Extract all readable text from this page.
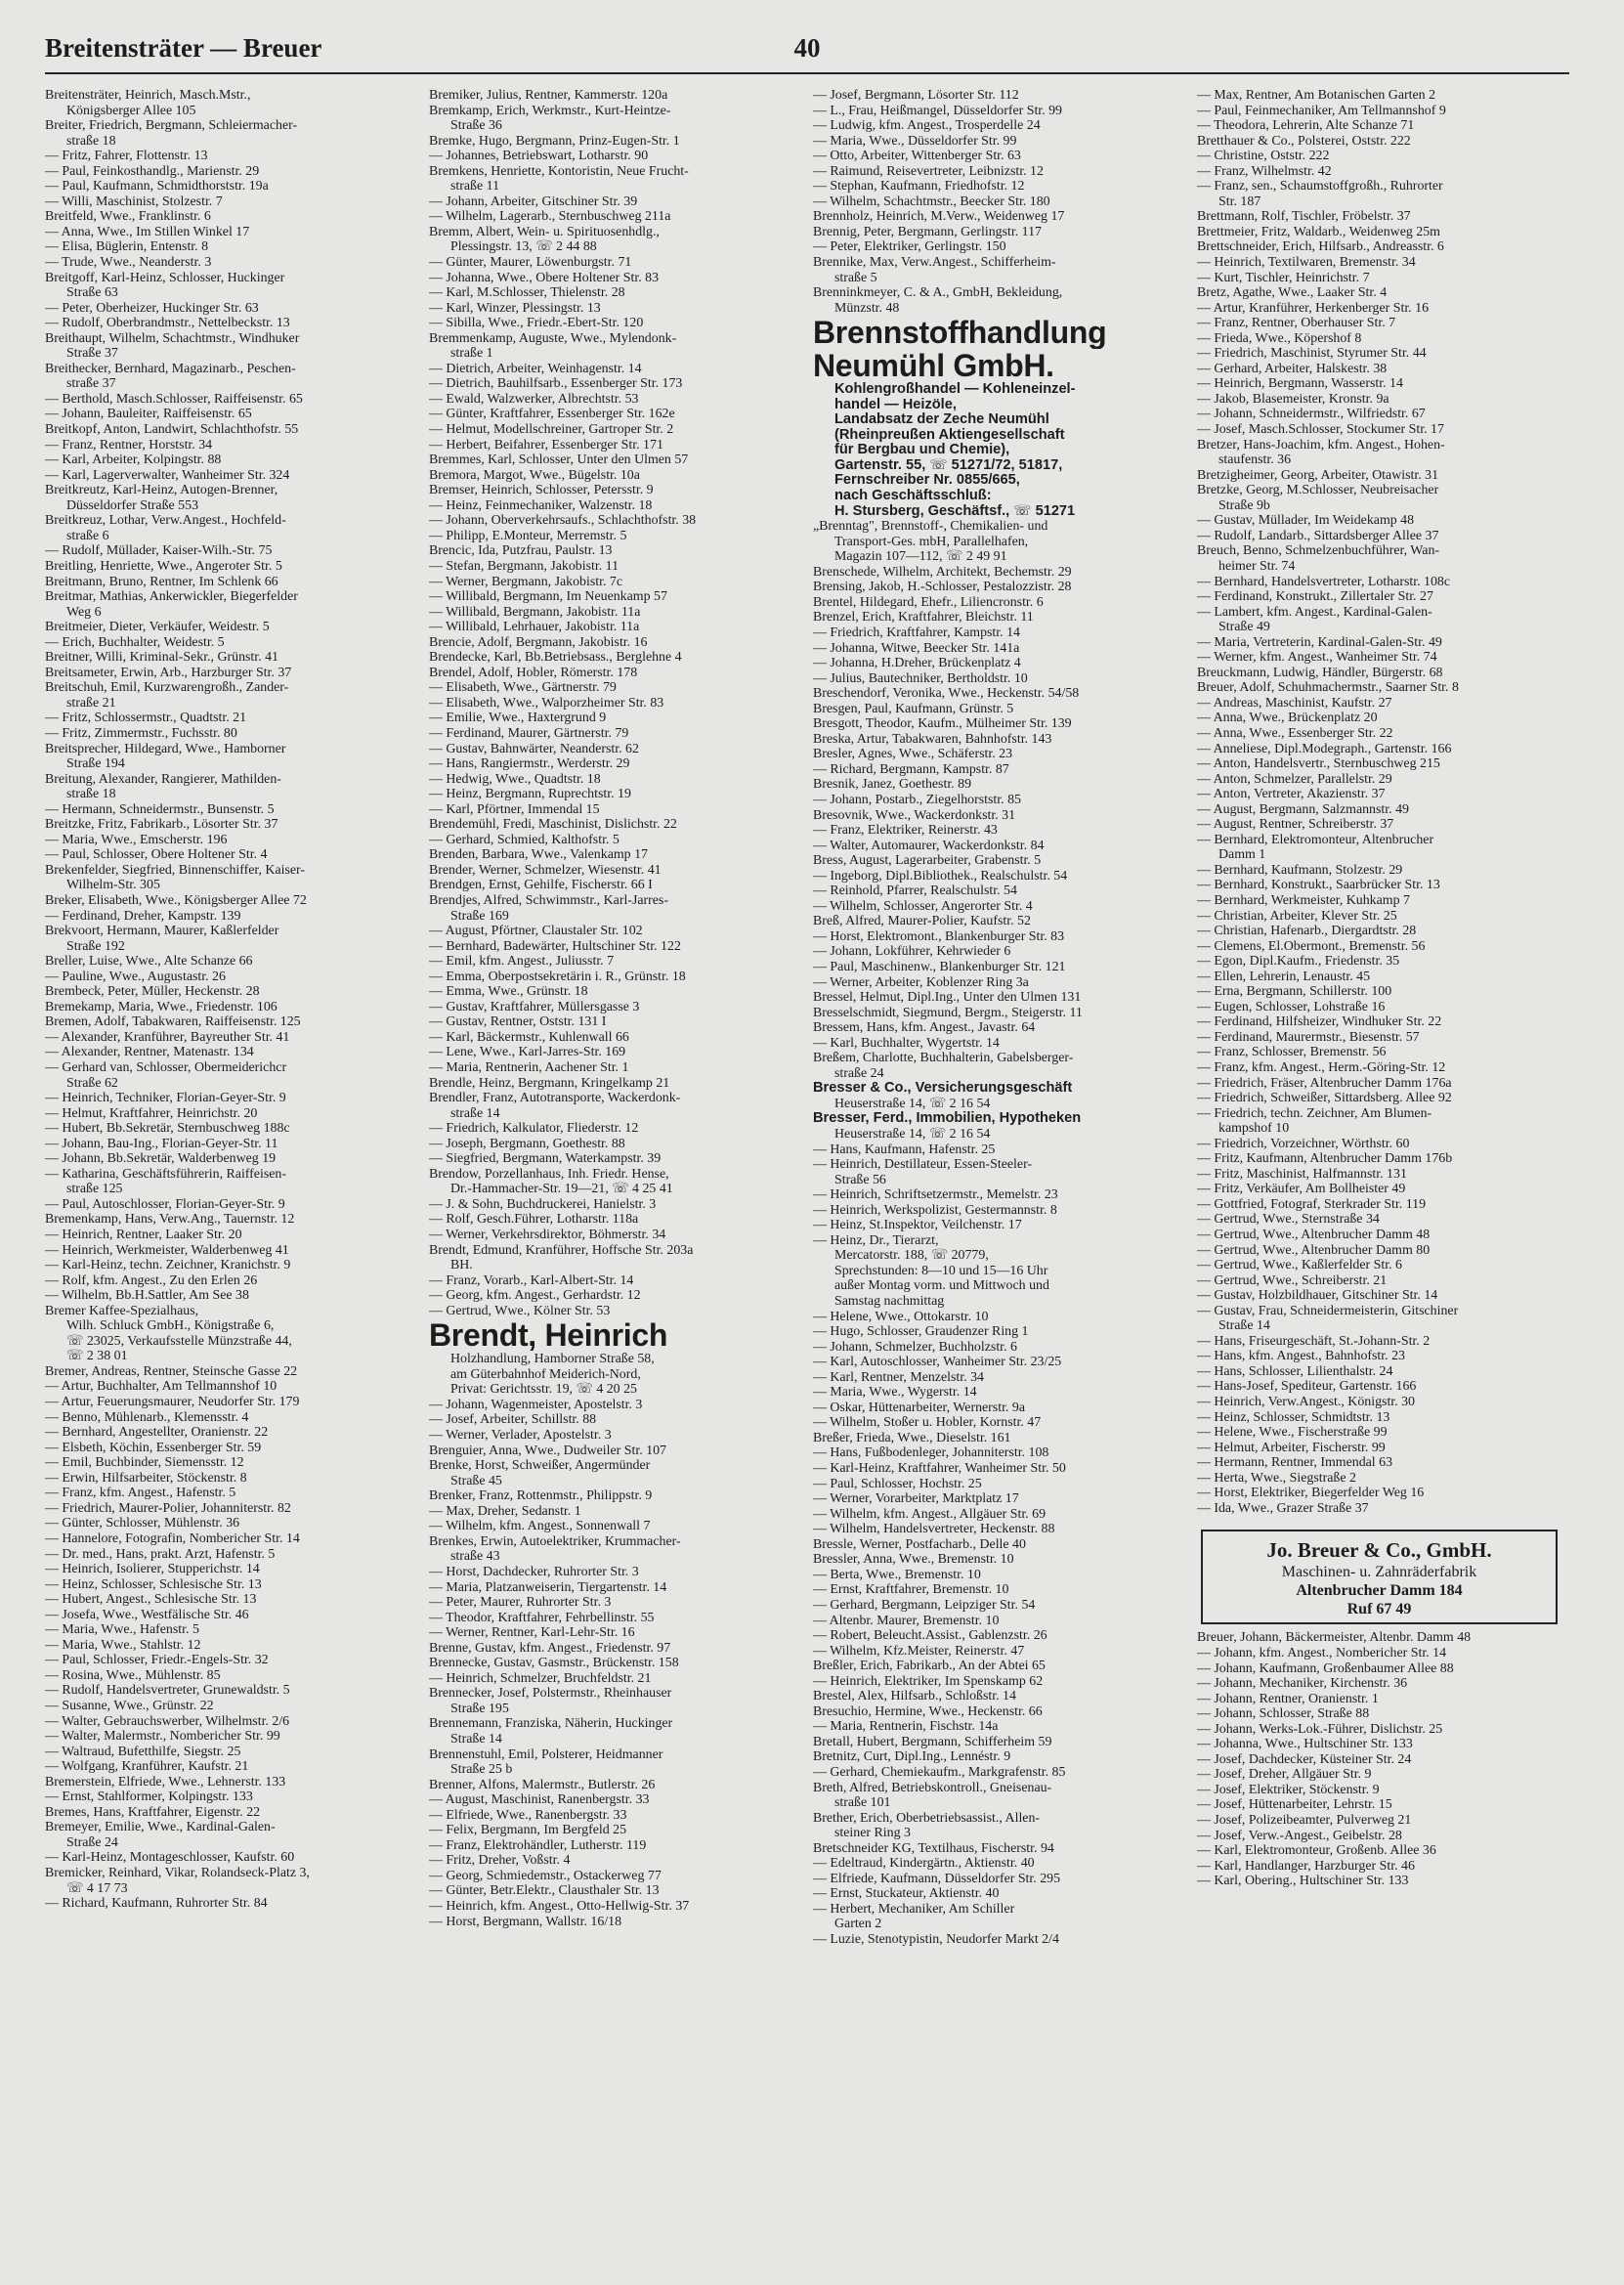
Breitensträter — Breuer	40
Breitensträter, Heinrich, Masch.Mstr.,
Königsberger Allee 105
Breiter, Friedrich, Bergmann, Schleiermacher-
straße 18
— Fritz, Fahrer, Flottenstr. 13
— Paul, Feinkosthandlg., Marienstr. 29
— Paul, Kaufmann, Schmidthorststr. 19a
— Willi, Maschinist, Stolzestr. 7
Breitfeld, Wwe., Franklinstr. 6
— Anna, Wwe., Im Stillen Winkel 17
— Elisa, Büglerin, Entenstr. 8
— Trude, Wwe., Neanderstr. 3
Breitgoff, Karl-Heinz, Schlosser, Huckinger
Straße 63
— Peter, Oberheizer, Huckinger Str. 63
— Rudolf, Oberbrandmstr., Nettelbeckstr. 13
Breithaupt, Wilhelm, Schachtmstr., Windhuker
Straße 37
Breithecker, Bernhard, Magazinarb., Peschen-
straße 37
— Berthold, Masch.Schlosser, Raiffeisenstr. 65
— Johann, Bauleiter, Raiffeisenstr. 65
Breitkopf, Anton, Landwirt, Schlachthofstr. 55
— Franz, Rentner, Horststr. 34
— Karl, Arbeiter, Kolpingstr. 88
— Karl, Lagerverwalter, Wanheimer Str. 324
Breitkreutz, Karl-Heinz, Autogen-Brenner,
Düsseldorfer Straße 553
Breitkreuz, Lothar, Verw.Angest., Hochfeld-
straße 6
— Rudolf, Müllader, Kaiser-Wilh.-Str. 75
Breitling, Henriette, Wwe., Angeroter Str. 5
Breitmann, Bruno, Rentner, Im Schlenk 66
Breitmar, Mathias, Ankerwickler, Biegerfelder
Weg 6
Breitmeier, Dieter, Verkäufer, Weidestr. 5
— Erich, Buchhalter, Weidestr. 5
Breitner, Willi, Kriminal-Sekr., Grünstr. 41
Breitsameter, Erwin, Arb., Harzburger Str. 37
Breitschuh, Emil, Kurzwarengroßh., Zander-
straße 21
— Fritz, Schlossermstr., Quadtstr. 21
— Fritz, Zimmermstr., Fuchsstr. 80
Breitsprecher, Hildegard, Wwe., Hamborner
Straße 194
Breitung, Alexander, Rangierer, Mathilden-
straße 18
— Hermann, Schneidermstr., Bunsenstr. 5
Breitzke, Fritz, Fabrikarb., Lösorter Str. 37
— Maria, Wwe., Emscherstr. 196
— Paul, Schlosser, Obere Holtener Str. 4
Brekenfelder, Siegfried, Binnenschiffer, Kaiser-
Wilhelm-Str. 305
Breker, Elisabeth, Wwe., Königsberger Allee 72
— Ferdinand, Dreher, Kampstr. 139
Brekvoort, Hermann, Maurer, Kaßlerfelder
Straße 192
Breller, Luise, Wwe., Alte Schanze 66
— Pauline, Wwe., Augustastr. 26
Brembeck, Peter, Müller, Heckenstr. 28
Bremekamp, Maria, Wwe., Friedenstr. 106
Bremen, Adolf, Tabakwaren, Raiffeisenstr. 125
— Alexander, Kranführer, Bayreuther Str. 41
— Alexander, Rentner, Matenastr. 134
— Gerhard van, Schlosser, Obermeiderichcr
Straße 62
— Heinrich, Techniker, Florian-Geyer-Str. 9
— Helmut, Kraftfahrer, Heinrichstr. 20
— Hubert, Bb.Sekretär, Sternbuschweg 188c
— Johann, Bau-Ing., Florian-Geyer-Str. 11
— Johann, Bb.Sekretär, Walderbenweg 19
— Katharina, Geschäftsführerin, Raiffeisen-
straße 125
— Paul, Autoschlosser, Florian-Geyer-Str. 9
Bremenkamp, Hans, Verw.Ang., Tauernstr. 12
— Heinrich, Rentner, Laaker Str. 20
— Heinrich, Werkmeister, Walderbenweg 41
— Karl-Heinz, techn. Zeichner, Kranichstr. 9
— Rolf, kfm. Angest., Zu den Erlen 26
— Wilhelm, Bb.H.Sattler, Am See 38
Bremer Kaffee-Spezialhaus,
Wilh. Schluck GmbH., Königstraße 6,
☏ 23025, Verkaufsstelle Münzstraße 44,
☏ 2 38 01
Bremer, Andreas, Rentner, Steinsche Gasse 22
— Artur, Buchhalter, Am Tellmannshof 10
— Artur, Feuerungsmaurer, Neudorfer Str. 179
— Benno, Mühlenarb., Klemensstr. 4
— Bernhard, Angestellter, Oranienstr. 22
— Elsbeth, Köchin, Essenberger Str. 59
— Emil, Buchbinder, Siemensstr. 12
— Erwin, Hilfsarbeiter, Stöckenstr. 8
— Franz, kfm. Angest., Hafenstr. 5
— Friedrich, Maurer-Polier, Johanniterstr. 82
— Günter, Schlosser, Mühlenstr. 36
— Hannelore, Fotografin, Nombericher Str. 14
— Dr. med., Hans, prakt. Arzt, Hafenstr. 5
— Heinrich, Isolierer, Stupperichstr. 14
— Heinz, Schlosser, Schlesische Str. 13
— Hubert, Angest., Schlesische Str. 13
— Josefa, Wwe., Westfälische Str. 46
— Maria, Wwe., Hafenstr. 5
— Maria, Wwe., Stahlstr. 12
— Paul, Schlosser, Friedr.-Engels-Str. 32
— Rosina, Wwe., Mühlenstr. 85
— Rudolf, Handelsvertreter, Grunewaldstr. 5
— Susanne, Wwe., Grünstr. 22
— Walter, Gebrauchswerber, Wilhelmstr. 2/6
— Walter, Malermstr., Nombericher Str. 99
— Waltraud, Bufetthilfe, Siegstr. 25
— Wolfgang, Kranführer, Kaufstr. 21
Bremerstein, Elfriede, Wwe., Lehnerstr. 133
— Ernst, Stahlformer, Kolpingstr. 133
Bremes, Hans, Kraftfahrer, Eigenstr. 22
Bremeyer, Emilie, Wwe., Kardinal-Galen-
Straße 24
— Karl-Heinz, Montageschlosser, Kaufstr. 60
Bremicker, Reinhard, Vikar, Rolandseck-Platz 3,
☏ 4 17 73
— Richard, Kaufmann, Ruhrorter Str. 84
Bremiker, Julius, Rentner, Kammerstr. 120a
Bremkamp, Erich, Werkmstr., Kurt-Heintze-
Straße 36
Bremke, Hugo, Bergmann, Prinz-Eugen-Str. 1
— Johannes, Betriebswart, Lotharstr. 90
Bremkens, Henriette, Kontoristin, Neue Frucht-
straße 11
— Johann, Arbeiter, Gitschiner Str. 39
— Wilhelm, Lagerarb., Sternbuschweg 211a
Bremm, Albert, Wein- u. Spirituosenhdlg.,
Plessingstr. 13, ☏ 2 44 88
— Günter, Maurer, Löwenburgstr. 71
— Johanna, Wwe., Obere Holtener Str. 83
— Karl, M.Schlosser, Thielenstr. 28
— Karl, Winzer, Plessingstr. 13
— Sibilla, Wwe., Friedr.-Ebert-Str. 120
Bremmenkamp, Auguste, Wwe., Mylendonk-
straße 1
— Dietrich, Arbeiter, Weinhagenstr. 14
— Dietrich, Bauhilfsarb., Essenberger Str. 173
— Ewald, Walzwerker, Albrechtstr. 53
— Günter, Kraftfahrer, Essenberger Str. 162e
— Helmut, Modellschreiner, Gartroper Str. 2
— Herbert, Beifahrer, Essenberger Str. 171
Bremmes, Karl, Schlosser, Unter den Ulmen 57
Bremora, Margot, Wwe., Bügelstr. 10a
Bremser, Heinrich, Schlosser, Petersstr. 9
— Heinz, Feinmechaniker, Walzenstr. 18
— Johann, Oberverkehrsaufs., Schlachthofstr. 38
— Philipp, E.Monteur, Merremstr. 5
Brencic, Ida, Putzfrau, Paulstr. 13
— Stefan, Bergmann, Jakobistr. 11
— Werner, Bergmann, Jakobistr. 7c
— Willibald, Bergmann, Im Neuenkamp 57
— Willibald, Bergmann, Jakobistr. 11a
— Willibald, Lehrhauer, Jakobistr. 11a
Brencie, Adolf, Bergmann, Jakobistr. 16
Brendecke, Karl, Bb.Betriebsass., Berglehne 4
Brendel, Adolf, Hobler, Römerstr. 178
— Elisabeth, Wwe., Gärtnerstr. 79
— Elisabeth, Wwe., Walporzheimer Str. 83
— Emilie, Wwe., Haxtergrund 9
— Ferdinand, Maurer, Gärtnerstr. 79
— Gustav, Bahnwärter, Neanderstr. 62
— Hans, Rangiermstr., Werderstr. 29
— Hedwig, Wwe., Quadtstr. 18
— Heinz, Bergmann, Ruprechtstr. 19
— Karl, Pförtner, Immendal 15
Brendemühl, Fredi, Maschinist, Dislichstr. 22
— Gerhard, Schmied, Kalthofstr. 5
Brenden, Barbara, Wwe., Valenkamp 17
Brender, Werner, Schmelzer, Wiesenstr. 41
Brendgen, Ernst, Gehilfe, Fischerstr. 66 I
Brendjes, Alfred, Schwimmstr., Karl-Jarres-
Straße 169
— August, Pförtner, Claustaler Str. 102
— Bernhard, Badewärter, Hultschiner Str. 122
— Emil, kfm. Angest., Juliusstr. 7
— Emma, Oberpostsekretärin i. R., Grünstr. 18
— Emma, Wwe., Grünstr. 18
— Gustav, Kraftfahrer, Müllersgasse 3
— Gustav, Rentner, Oststr. 131 I
— Karl, Bäckermstr., Kuhlenwall 66
— Lene, Wwe., Karl-Jarres-Str. 169
— Maria, Rentnerin, Aachener Str. 1
Brendle, Heinz, Bergmann, Kringelkamp 21
Brendler, Franz, Autotransporte, Wackerdonk-
straße 14
— Friedrich, Kalkulator, Fliederstr. 12
— Joseph, Bergmann, Goethestr. 88
— Siegfried, Bergmann, Waterkampstr. 39
Brendow, Porzellanhaus, Inh. Friedr. Hense,
Dr.-Hammacher-Str. 19—21, ☏ 4 25 41
— J. & Sohn, Buchdruckerei, Hanielstr. 3
— Rolf, Gesch.Führer, Lotharstr. 118a
— Werner, Verkehrsdirektor, Böhmerstr. 34
Brendt, Edmund, Kranführer, Hoffsche Str. 203a
BH.
— Franz, Vorarb., Karl-Albert-Str. 14
— Georg, kfm. Angest., Gerhardstr. 12
— Gertrud, Wwe., Kölner Str. 53
Brendt, Heinrich
Holzhandlung, Hamborner Straße 58,
am Güterbahnhof Meiderich-Nord,
Privat: Gerichtsstr. 19, ☏ 4 20 25
— Johann, Wagenmeister, Apostelstr. 3
— Josef, Arbeiter, Schillstr. 88
— Werner, Verlader, Apostelstr. 3
Brenguier, Anna, Wwe., Dudweiler Str. 107
Brenke, Horst, Schweißer, Angermünder
Straße 45
Brenker, Franz, Rottenmstr., Philippstr. 9
— Max, Dreher, Sedanstr. 1
— Wilhelm, kfm. Angest., Sonnenwall 7
Brenkes, Erwin, Autoelektriker, Krummacher-
straße 43
— Horst, Dachdecker, Ruhrorter Str. 3
— Maria, Platzanweiserin, Tiergartenstr. 14
— Peter, Maurer, Ruhrorter Str. 3
— Theodor, Kraftfahrer, Fehrbellinstr. 55
— Werner, Rentner, Karl-Lehr-Str. 16
Brenne, Gustav, kfm. Angest., Friedenstr. 97
Brennecke, Gustav, Gasmstr., Brückenstr. 158
— Heinrich, Schmelzer, Bruchfeldstr. 21
Brennecker, Josef, Polstermstr., Rheinhauser
Straße 195
Brennemann, Franziska, Näherin, Huckinger
Straße 14
Brennenstuhl, Emil, Polsterer, Heidmanner
Straße 25 b
Brenner, Alfons, Malermstr., Butlerstr. 26
— August, Maschinist, Ranenbergstr. 33
— Elfriede, Wwe., Ranenbergstr. 33
— Felix, Bergmann, Im Bergfeld 25
— Franz, Elektrohändler, Lutherstr. 119
— Fritz, Dreher, Voßstr. 4
— Georg, Schmiedemstr., Ostackerweg 77
— Günter, Betr.Elektr., Clausthaler Str. 13
— Heinrich, kfm. Angest., Otto-Hellwig-Str. 37
— Horst, Bergmann, Wallstr. 16/18
— Josef, Bergmann, Lösorter Str. 112
— L., Frau, Heißmangel, Düsseldorfer Str. 99
— Ludwig, kfm. Angest., Trosperdelle 24
— Maria, Wwe., Düsseldorfer Str. 99
— Otto, Arbeiter, Wittenberger Str. 63
— Raimund, Reisevertreter, Leibnizstr. 12
— Stephan, Kaufmann, Friedhofstr. 12
— Wilhelm, Schachtmstr., Beecker Str. 180
Brennholz, Heinrich, M.Verw., Weidenweg 17
Brennig, Peter, Bergmann, Gerlingstr. 117
— Peter, Elektriker, Gerlingstr. 150
Brennike, Max, Verw.Angest., Schifferheim-
straße 5
Brenninkmeyer, C. & A., GmbH, Bekleidung,
Münzstr. 48
Brennstoffhandlung
Neumühl GmbH.
Kohlengroßhandel — Kohleneinzel-
handel — Heizöle,
Landabsatz der Zeche Neumühl
(Rheinpreußen Aktiengesellschaft
für Bergbau und Chemie),
Gartenstr. 55, ☏ 51271/72, 51817,
Fernschreiber Nr. 0855/665,
nach Geschäftsschluß:
H. Stursberg, Geschäftsf., ☏ 51271
„Brenntag", Brennstoff-, Chemikalien- und
Transport-Ges. mbH, Parallelhafen,
Magazin 107—112, ☏ 2 49 91
Brenschede, Wilhelm, Architekt, Bechemstr. 29
Brensing, Jakob, H.-Schlosser, Pestalozzistr. 28
Brentel, Hildegard, Ehefr., Liliencronstr. 6
Brenzel, Erich, Kraftfahrer, Bleichstr. 11
— Friedrich, Kraftfahrer, Kampstr. 14
— Johanna, Witwe, Beecker Str. 141a
— Johanna, H.Dreher, Brückenplatz 4
— Julius, Bautechniker, Bertholdstr. 10
Breschendorf, Veronika, Wwe., Heckenstr. 54/58
Bresgen, Paul, Kaufmann, Grünstr. 5
Bresgott, Theodor, Kaufm., Mülheimer Str. 139
Breska, Artur, Tabakwaren, Bahnhofstr. 143
Bresler, Agnes, Wwe., Schäferstr. 23
— Richard, Bergmann, Kampstr. 87
Bresnik, Janez, Goethestr. 89
— Johann, Postarb., Ziegelhorststr. 85
Bresovnik, Wwe., Wackerdonkstr. 31
— Franz, Elektriker, Reinerstr. 43
— Walter, Automaurer, Wackerdonkstr. 84
Bress, August, Lagerarbeiter, Grabenstr. 5
— Ingeborg, Dipl.Bibliothek., Realschulstr. 54
— Reinhold, Pfarrer, Realschulstr. 54
— Wilhelm, Schlosser, Angerorter Str. 4
Breß, Alfred, Maurer-Polier, Kaufstr. 52
— Horst, Elektromont., Blankenburger Str. 83
— Johann, Lokführer, Kehrwieder 6
— Paul, Maschinenw., Blankenburger Str. 121
— Werner, Arbeiter, Koblenzer Ring 3a
Bressel, Helmut, Dipl.Ing., Unter den Ulmen 131
Bresselschmidt, Siegmund, Bergm., Steigerstr. 11
Bressem, Hans, kfm. Angest., Javastr. 64
— Karl, Buchhalter, Wygertstr. 14
Breßem, Charlotte, Buchhalterin, Gabelsberger-
straße 24
Bresser & Co., Versicherungsgeschäft
Heuserstraße 14, ☏ 2 16 54
Bresser, Ferd., Immobilien, Hypotheken
Heuserstraße 14, ☏ 2 16 54
— Hans, Kaufmann, Hafenstr. 25
— Heinrich, Destillateur, Essen-Steeler-
Straße 56
— Heinrich, Schriftsetzermstr., Memelstr. 23
— Heinrich, Werkspolizist, Gestermannstr. 8
— Heinz, St.Inspektor, Veilchenstr. 17
— Heinz, Dr., Tierarzt,
Mercatorstr. 188, ☏ 20779,
Sprechstunden: 8—10 und 15—16 Uhr
außer Montag vorm. und Mittwoch und
Samstag nachmittag
— Helene, Wwe., Ottokarstr. 10
— Hugo, Schlosser, Graudenzer Ring 1
— Johann, Schmelzer, Buchholzstr. 6
— Karl, Autoschlosser, Wanheimer Str. 23/25
— Karl, Rentner, Menzelstr. 34
— Maria, Wwe., Wygerstr. 14
— Oskar, Hüttenarbeiter, Wernerstr. 9a
— Wilhelm, Stoßer u. Hobler, Kornstr. 47
Breßer, Frieda, Wwe., Dieselstr. 161
— Hans, Fußbodenleger, Johanniterstr. 108
— Karl-Heinz, Kraftfahrer, Wanheimer Str. 50
— Paul, Schlosser, Hochstr. 25
— Werner, Vorarbeiter, Marktplatz 17
— Wilhelm, kfm. Angest., Allgäuer Str. 69
— Wilhelm, Handelsvertreter, Heckenstr. 88
Bressle, Werner, Postfacharb., Delle 40
Bressler, Anna, Wwe., Bremenstr. 10
— Berta, Wwe., Bremenstr. 10
— Ernst, Kraftfahrer, Bremenstr. 10
— Gerhard, Bergmann, Leipziger Str. 54
— Altenbr. Maurer, Bremenstr. 10
— Robert, Beleucht.Assist., Gablenzstr. 26
— Wilhelm, Kfz.Meister, Reinerstr. 47
Breßler, Erich, Fabrikarb., An der Abtei 65
— Heinrich, Elektriker, Im Spenskamp 62
Brestel, Alex, Hilfsarb., Schloßstr. 14
Bresuchio, Hermine, Wwe., Heckenstr. 66
— Maria, Rentnerin, Fischstr. 14a
Bretall, Hubert, Bergmann, Schifferheim 59
Bretnitz, Curt, Dipl.Ing., Lennéstr. 9
— Gerhard, Chemiekaufm., Markgrafenstr. 85
Breth, Alfred, Betriebskontroll., Gneisenau-
straße 101
Brether, Erich, Oberbetriebsassist., Allen-
steiner Ring 3
Bretschneider KG, Textilhaus, Fischerstr. 94
— Edeltraud, Kindergärtn., Aktienstr. 40
— Elfriede, Kaufmann, Düsseldorfer Str. 295
— Ernst, Stuckateur, Aktienstr. 40
— Herbert, Mechaniker, Am Schiller
Garten 2
— Luzie, Stenotypistin, Neudorfer Markt 2/4
— Max, Rentner, Am Botanischen Garten 2
— Paul, Feinmechaniker, Am Tellmannshof 9
— Theodora, Lehrerin, Alte Schanze 71
Bretthauer & Co., Polsterei, Oststr. 222
— Christine, Oststr. 222
— Franz, Wilhelmstr. 42
— Franz, sen., Schaumstoffgroßh., Ruhrorter
Str. 187
Brettmann, Rolf, Tischler, Fröbelstr. 37
Brettmeier, Fritz, Waldarb., Weidenweg 25m
Brettschneider, Erich, Hilfsarb., Andreasstr. 6
— Heinrich, Textilwaren, Bremenstr. 34
— Kurt, Tischler, Heinrichstr. 7
Bretz, Agathe, Wwe., Laaker Str. 4
— Artur, Kranführer, Herkenberger Str. 16
— Franz, Rentner, Oberhauser Str. 7
— Frieda, Wwe., Köpershof 8
— Friedrich, Maschinist, Styrumer Str. 44
— Gerhard, Arbeiter, Halskestr. 38
— Heinrich, Bergmann, Wasserstr. 14
— Jakob, Blasemeister, Kronstr. 9a
— Johann, Schneidermstr., Wilfriedstr. 67
— Josef, Masch.Schlosser, Stockumer Str. 17
Bretzer, Hans-Joachim, kfm. Angest., Hohen-
staufenstr. 36
Bretzigheimer, Georg, Arbeiter, Otawistr. 31
Bretzke, Georg, M.Schlosser, Neubreisacher
Straße 9b
— Gustav, Müllader, Im Weidekamp 48
— Rudolf, Landarb., Sittardsberger Allee 37
Breuch, Benno, Schmelzenbuchführer, Wan-
heimer Str. 74
— Bernhard, Handelsvertreter, Lotharstr. 108c
— Ferdinand, Konstrukt., Zillertaler Str. 27
— Lambert, kfm. Angest., Kardinal-Galen-
Straße 49
— Maria, Vertreterin, Kardinal-Galen-Str. 49
— Werner, kfm. Angest., Wanheimer Str. 74
Breuckmann, Ludwig, Händler, Bürgerstr. 68
Breuer, Adolf, Schuhmachermstr., Saarner Str. 8
— Andreas, Maschinist, Kaufstr. 27
— Anna, Wwe., Brückenplatz 20
— Anna, Wwe., Essenberger Str. 22
— Anneliese, Dipl.Modegraph., Gartenstr. 166
— Anton, Handelsvertr., Sternbuschweg 215
— Anton, Schmelzer, Parallelstr. 29
— Anton, Vertreter, Akazienstr. 37
— August, Bergmann, Salzmannstr. 49
— August, Rentner, Schreiberstr. 37
— Bernhard, Elektromonteur, Altenbrucher
Damm 1
— Bernhard, Kaufmann, Stolzestr. 29
— Bernhard, Konstrukt., Saarbrücker Str. 13
— Bernhard, Werkmeister, Kuhkamp 7
— Christian, Arbeiter, Klever Str. 25
— Christian, Hafenarb., Diergardtstr. 28
— Clemens, El.Obermont., Bremenstr. 56
— Egon, Dipl.Kaufm., Friedenstr. 35
— Ellen, Lehrerin, Lenaustr. 45
— Erna, Bergmann, Schillerstr. 100
— Eugen, Schlosser, Lohstraße 16
— Ferdinand, Hilfsheizer, Windhuker Str. 22
— Ferdinand, Maurermstr., Biesenstr. 57
— Franz, Schlosser, Bremenstr. 56
— Franz, kfm. Angest., Herm.-Göring-Str. 12
— Friedrich, Fräser, Altenbrucher Damm 176a
— Friedrich, Schweißer, Sittardsberg. Allee 92
— Friedrich, techn. Zeichner, Am Blumen-
kampshof 10
— Friedrich, Vorzeichner, Wörthstr. 60
— Fritz, Kaufmann, Altenbrucher Damm 176b
— Fritz, Maschinist, Halfmannstr. 131
— Fritz, Verkäufer, Am Bollheister 49
— Gottfried, Fotograf, Sterkrader Str. 119
— Gertrud, Wwe., Sternstraße 34
— Gertrud, Wwe., Altenbrucher Damm 48
— Gertrud, Wwe., Altenbrucher Damm 80
— Gertrud, Wwe., Kaßlerfelder Str. 6
— Gertrud, Wwe., Schreiberstr. 21
— Gustav, Holzbildhauer, Gitschiner Str. 14
— Gustav, Frau, Schneidermeisterin, Gitschiner
Straße 14
— Hans, Friseurgeschäft, St.-Johann-Str. 2
— Hans, kfm. Angest., Bahnhofstr. 23
— Hans, Schlosser, Lilienthalstr. 24
— Hans-Josef, Spediteur, Gartenstr. 166
— Heinrich, Verw.Angest., Königstr. 30
— Heinz, Schlosser, Schmidtstr. 13
— Helene, Wwe., Fischerstraße 99
— Helmut, Arbeiter, Fischerstr. 99
— Hermann, Rentner, Immendal 63
— Herta, Wwe., Siegstraße 2
— Horst, Elektriker, Biegerfelder Weg 16
— Ida, Wwe., Grazer Straße 37
Jo. Breuer & Co., GmbH.
Maschinen- u. Zahnräderfabrik
Altenbrucher Damm 184
Ruf 67 49
Breuer, Johann, Bäckermeister, Altenbr. Damm 48
— Johann, kfm. Angest., Nombericher Str. 14
— Johann, Kaufmann, Großenbaumer Allee 88
— Johann, Mechaniker, Kirchenstr. 36
— Johann, Rentner, Oranienstr. 1
— Johann, Schlosser, Straße 88
— Johann, Werks-Lok.-Führer, Dislichstr. 25
— Johanna, Wwe., Hultschiner Str. 133
— Josef, Dachdecker, Küsteiner Str. 24
— Josef, Dreher, Allgäuer Str. 9
— Josef, Elektriker, Stöckenstr. 9
— Josef, Hüttenarbeiter, Lehrstr. 15
— Josef, Polizeibeamter, Pulverweg 21
— Josef, Verw.-Angest., Geibelstr. 28
— Karl, Elektromonteur, Großenb. Allee 36
— Karl, Handlanger, Harzburger Str. 46
— Karl, Obering., Hultschiner Str. 133
